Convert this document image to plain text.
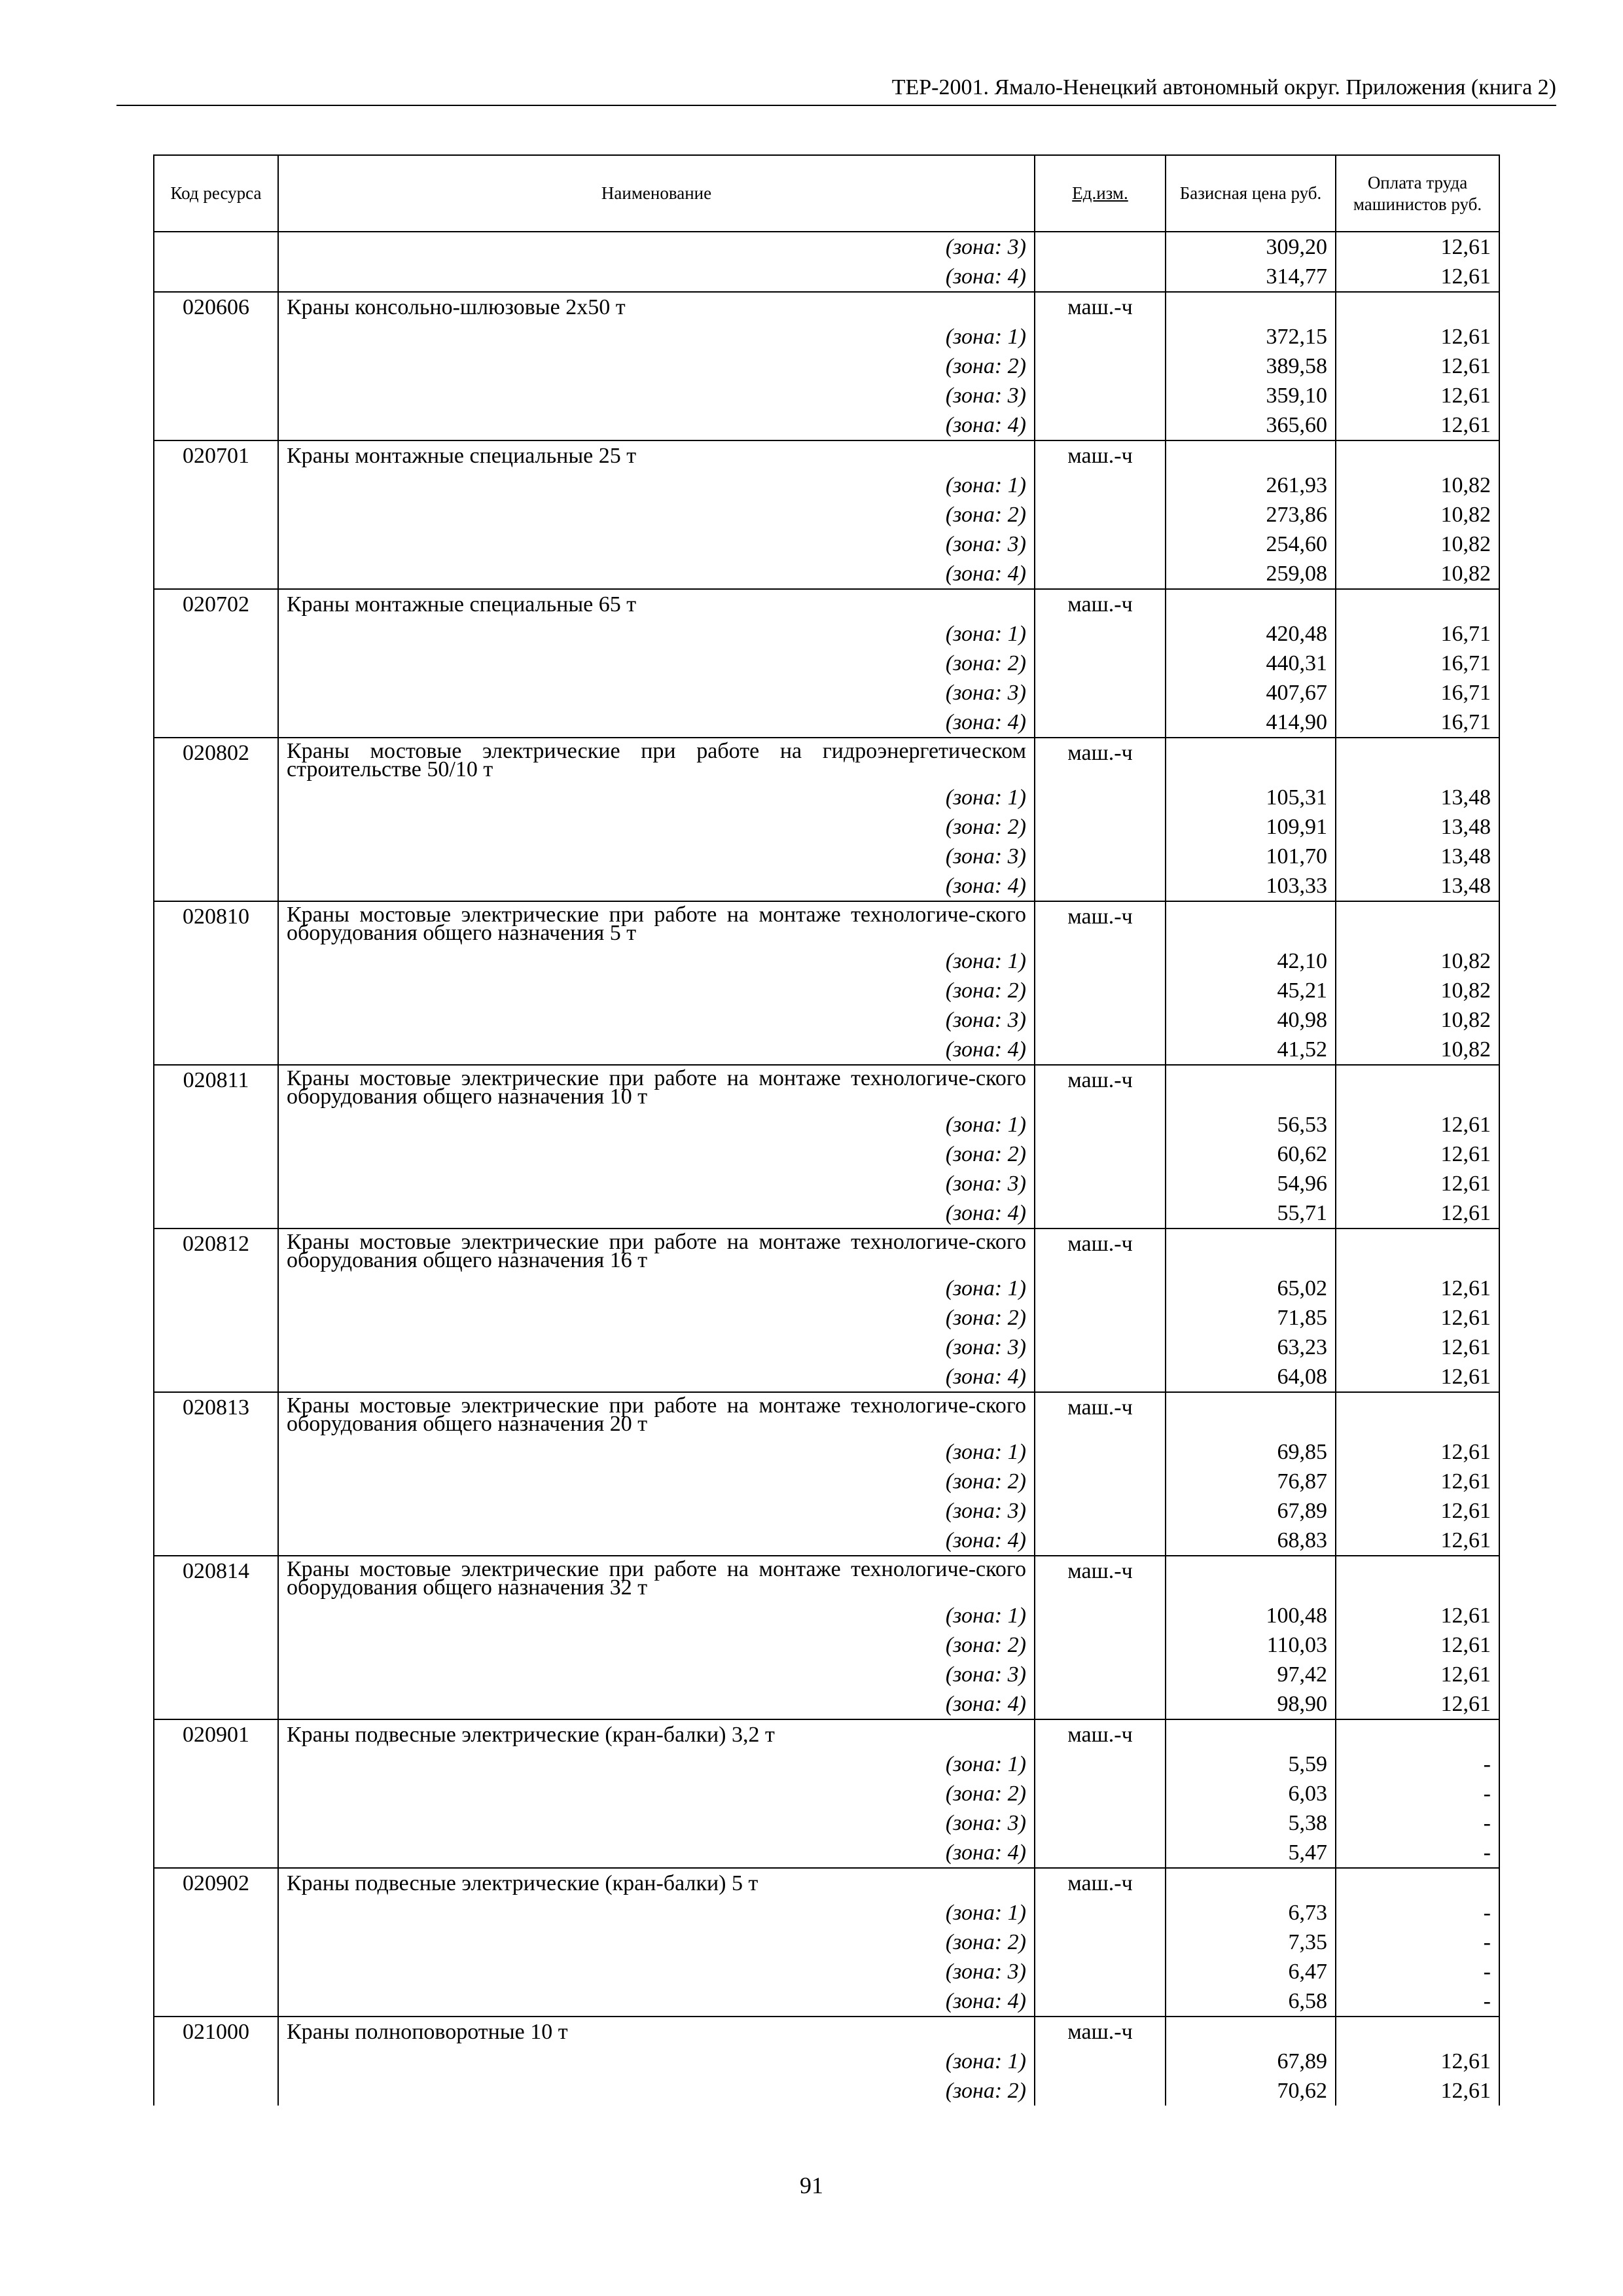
ТЕР-2001. Ямало-Ненецкий автономный округ. Приложения (книга 2)
Код ресурса	Наименование	Ед.изм.	Базисная цена руб.	Оплата труда машинистов руб.
	(зона: 3)		309,20	12,61
	(зона: 4)		314,77	12,61
020606	Краны консольно-шлюзовые 2х50 т	маш.-ч		
	(зона: 1)		372,15	12,61
	(зона: 2)		389,58	12,61
	(зона: 3)		359,10	12,61
	(зона: 4)		365,60	12,61
020701	Краны монтажные специальные 25 т	маш.-ч		
	(зона: 1)		261,93	10,82
	(зона: 2)		273,86	10,82
	(зона: 3)		254,60	10,82
	(зона: 4)		259,08	10,82
020702	Краны монтажные специальные 65 т	маш.-ч		
	(зона: 1)		420,48	16,71
	(зона: 2)		440,31	16,71
	(зона: 3)		407,67	16,71
	(зона: 4)		414,90	16,71
020802	Краны мостовые электрические при работе на гидроэнергетическом строительстве 50/10 т	маш.-ч		
	(зона: 1)		105,31	13,48
	(зона: 2)		109,91	13,48
	(зона: 3)		101,70	13,48
	(зона: 4)		103,33	13,48
020810	Краны мостовые электрические при работе на монтаже технологиче-ского оборудования общего назначения 5 т	маш.-ч		
	(зона: 1)		42,10	10,82
	(зона: 2)		45,21	10,82
	(зона: 3)		40,98	10,82
	(зона: 4)		41,52	10,82
020811	Краны мостовые электрические при работе на монтаже технологиче-ского оборудования общего назначения 10 т	маш.-ч		
	(зона: 1)		56,53	12,61
	(зона: 2)		60,62	12,61
	(зона: 3)		54,96	12,61
	(зона: 4)		55,71	12,61
020812	Краны мостовые электрические при работе на монтаже технологиче-ского оборудования общего назначения 16 т	маш.-ч		
	(зона: 1)		65,02	12,61
	(зона: 2)		71,85	12,61
	(зона: 3)		63,23	12,61
	(зона: 4)		64,08	12,61
020813	Краны мостовые электрические при работе на монтаже технологиче-ского оборудования общего назначения 20 т	маш.-ч		
	(зона: 1)		69,85	12,61
	(зона: 2)		76,87	12,61
	(зона: 3)		67,89	12,61
	(зона: 4)		68,83	12,61
020814	Краны мостовые электрические при работе на монтаже технологиче-ского оборудования общего назначения 32 т	маш.-ч		
	(зона: 1)		100,48	12,61
	(зона: 2)		110,03	12,61
	(зона: 3)		97,42	12,61
	(зона: 4)		98,90	12,61
020901	Краны подвесные электрические (кран-балки) 3,2 т	маш.-ч		
	(зона: 1)		5,59	-
	(зона: 2)		6,03	-
	(зона: 3)		5,38	-
	(зона: 4)		5,47	-
020902	Краны подвесные электрические (кран-балки) 5 т	маш.-ч		
	(зона: 1)		6,73	-
	(зона: 2)		7,35	-
	(зона: 3)		6,47	-
	(зона: 4)		6,58	-
021000	Краны полноповоротные 10 т	маш.-ч		
	(зона: 1)		67,89	12,61
	(зона: 2)		70,62	12,61
91
